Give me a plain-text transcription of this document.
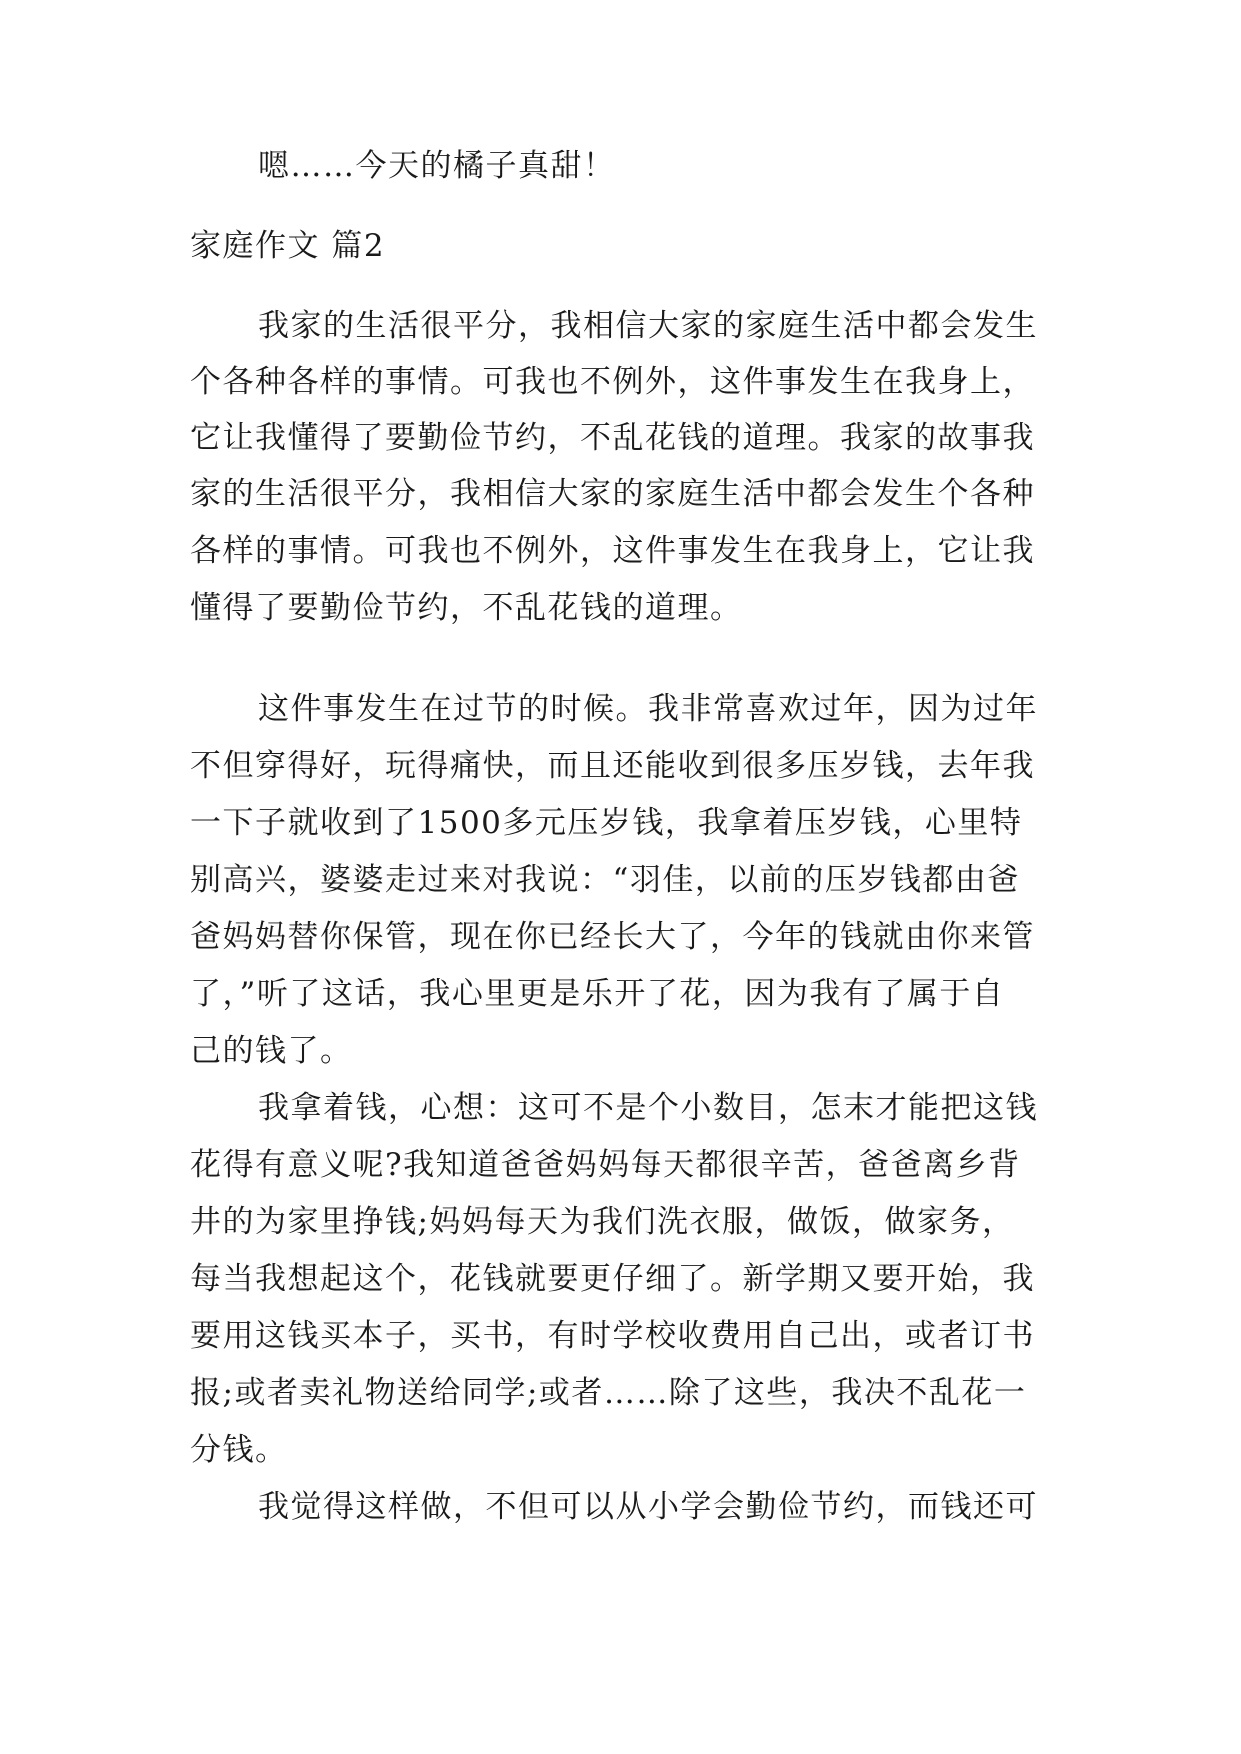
嗯……今天的橘子真甜！
家庭作文 篇2
我家的生活很平分，我相信大家的家庭生活中都会发生
个各种各样的事情。可我也不例外，这件事发生在我身上，
它让我懂得了要勤俭节约，不乱花钱的道理。我家的故事我
家的生活很平分，我相信大家的家庭生活中都会发生个各种
各样的事情。可我也不例外，这件事发生在我身上，它让我
懂得了要勤俭节约，不乱花钱的道理。
这件事发生在过节的时候。我非常喜欢过年，因为过年
不但穿得好，玩得痛快，而且还能收到很多压岁钱，去年我
一下子就收到了1500多元压岁钱，我拿着压岁钱，心里特
别高兴，婆婆走过来对我说：“羽佳，以前的压岁钱都由爸
爸妈妈替你保管，现在你已经长大了，今年的钱就由你来管
了，”听了这话，我心里更是乐开了花，因为我有了属于自
己的钱了。
我拿着钱，心想：这可不是个小数目，怎末才能把这钱
花得有意义呢?我知道爸爸妈妈每天都很辛苦，爸爸离乡背
井的为家里挣钱;妈妈每天为我们洗衣服，做饭，做家务，
每当我想起这个，花钱就要更仔细了。新学期又要开始，我
要用这钱买本子，买书，有时学校收费用自己出，或者订书
报;或者卖礼物送给同学;或者……除了这些，我决不乱花一
分钱。
我觉得这样做，不但可以从小学会勤俭节约，而钱还可
